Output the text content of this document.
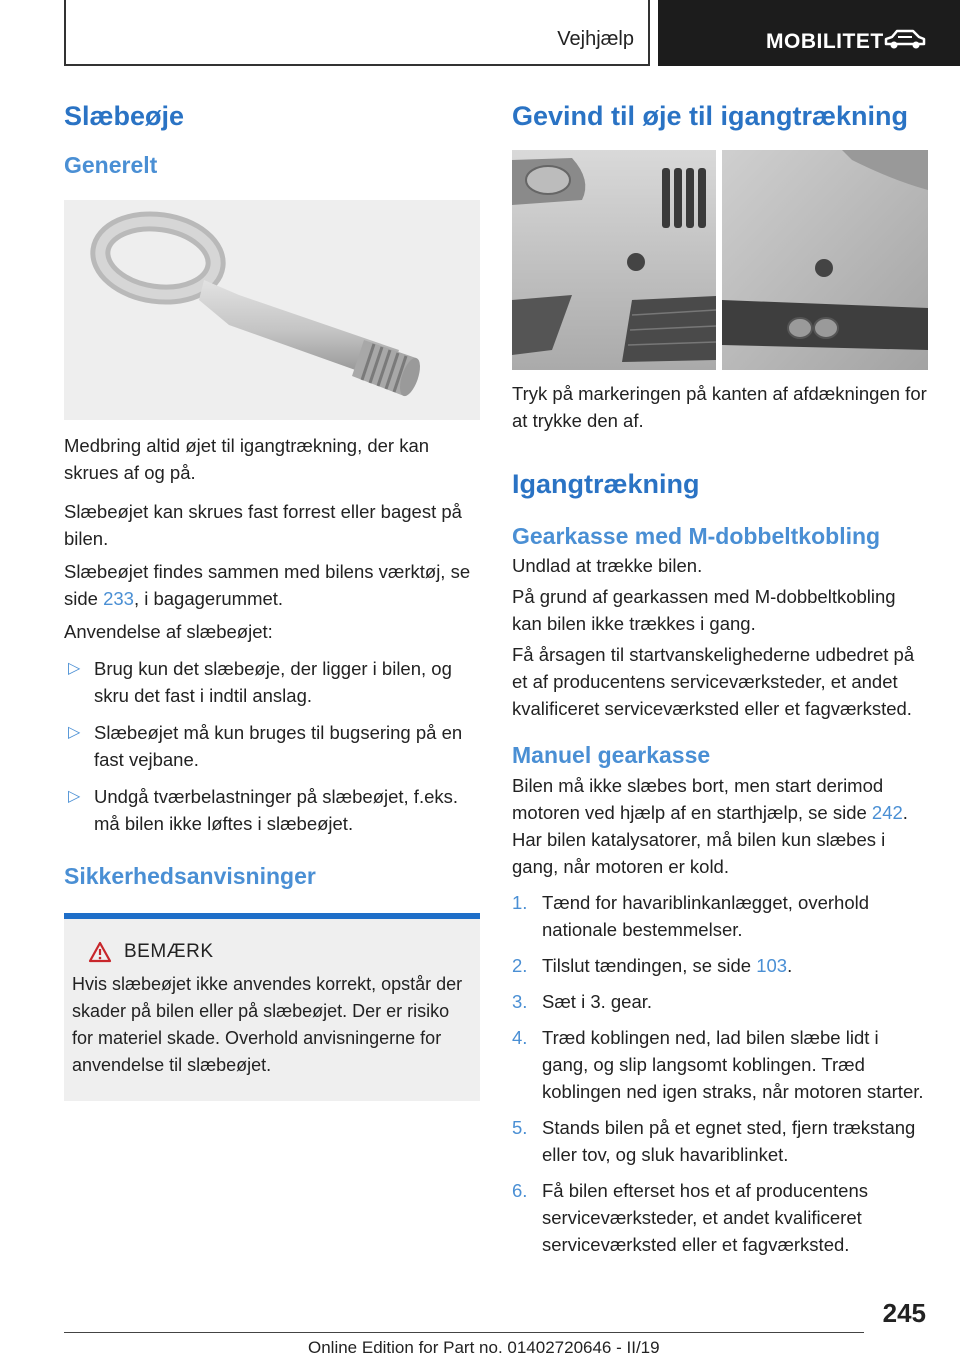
Vejhjælp	MOBILITET
Slæbeøje
Generelt

Medbring altid øjet til igangtrækning, der kan skrues af og på.

Slæbeøjet kan skrues fast forrest eller bagest på bilen.

Slæbeøjet findes sammen med bilens værktøj, se side 233, i bagagerummet.

Anvendelse af slæbeøjet:

▷ Brug kun det slæbeøje, der ligger i bilen, og skru det fast i indtil anslag.
▷ Slæbeøjet må kun bruges til bugsering på en fast vejbane.
▷ Undgå tværbelastninger på slæbeøjet, f.eks. må bilen ikke løftes i slæbeøjet.
Sikkerhedsanvisninger
BEMÆRK

Hvis slæbeøjet ikke anvendes korrekt, opstår der skader på bilen eller på slæbeøjet. Der er risiko for materiel skade. Overhold anvisningerne for anvendelse til slæbeøjet.

Gevind til øje til igangtrækning

Tryk på markeringen på kanten af afdækningen for at trykke den af.

Igangtrækning
Gearkasse med M-dobbeltkobling

Undlad at trække bilen.

På grund af gearkassen med M-dobbeltkobling kan bilen ikke trækkes i gang.

Få årsagen til startvanskelighederne udbedret på et af producentens serviceværksteder, et andet kvalificeret serviceværksted eller et fagværksted.

Manuel gearkasse

Bilen må ikke slæbes bort, men start derimod motoren ved hjælp af en starthjælp, se side 242. Har bilen katalysatorer, må bilen kun slæbes i gang, når motoren er kold.

1. Tænd for havariblinkanlægget, overhold nationale bestemmelser.
2. Tilslut tændingen, se side 103.
3. Sæt i 3. gear.
4. Træd koblingen ned, lad bilen slæbe lidt i gang, og slip langsomt koblingen. Træd koblingen ned igen straks, når motoren starter.
5. Stands bilen på et egnet sted, fjern trækstang eller tov, og sluk havariblinket.
6. Få bilen efterset hos et af producentens serviceværksteder, et andet kvalificeret serviceværksted eller et fagværksted.
245
Online Edition for Part no. 01402720646 - II/19
